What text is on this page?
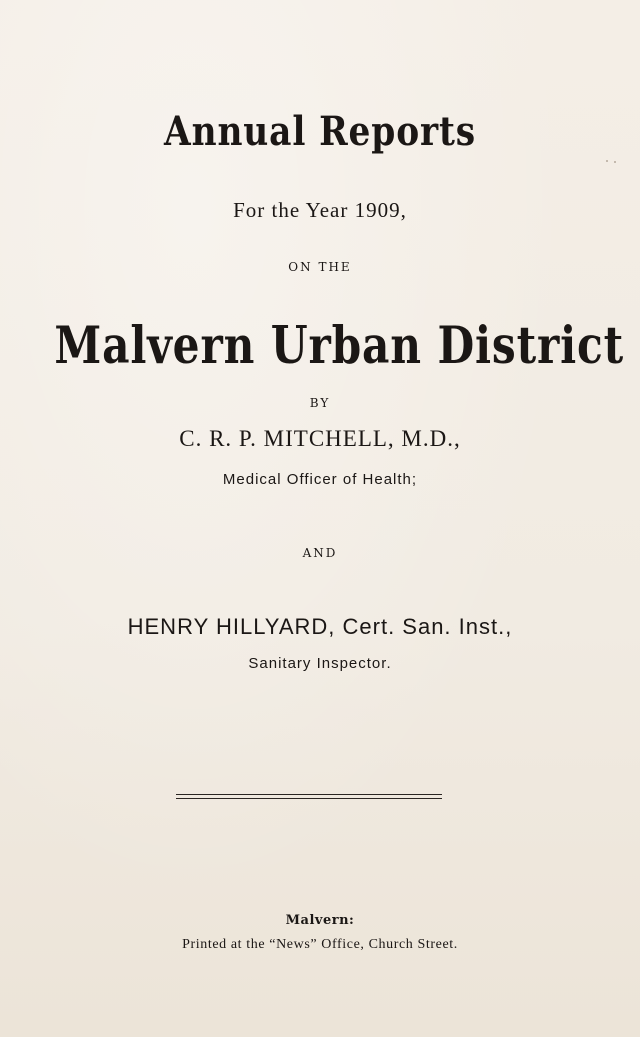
Annual Reports
For the Year 1909,
ON THE
Malvern Urban District
BY
C. R. P. MITCHELL, M.D.,
Medical Officer of Health;
AND
HENRY HILLYARD, Cert. San. Inst.,
Sanitary Inspector.
Malvern:
Printed at the “News” Office, Church Street.
